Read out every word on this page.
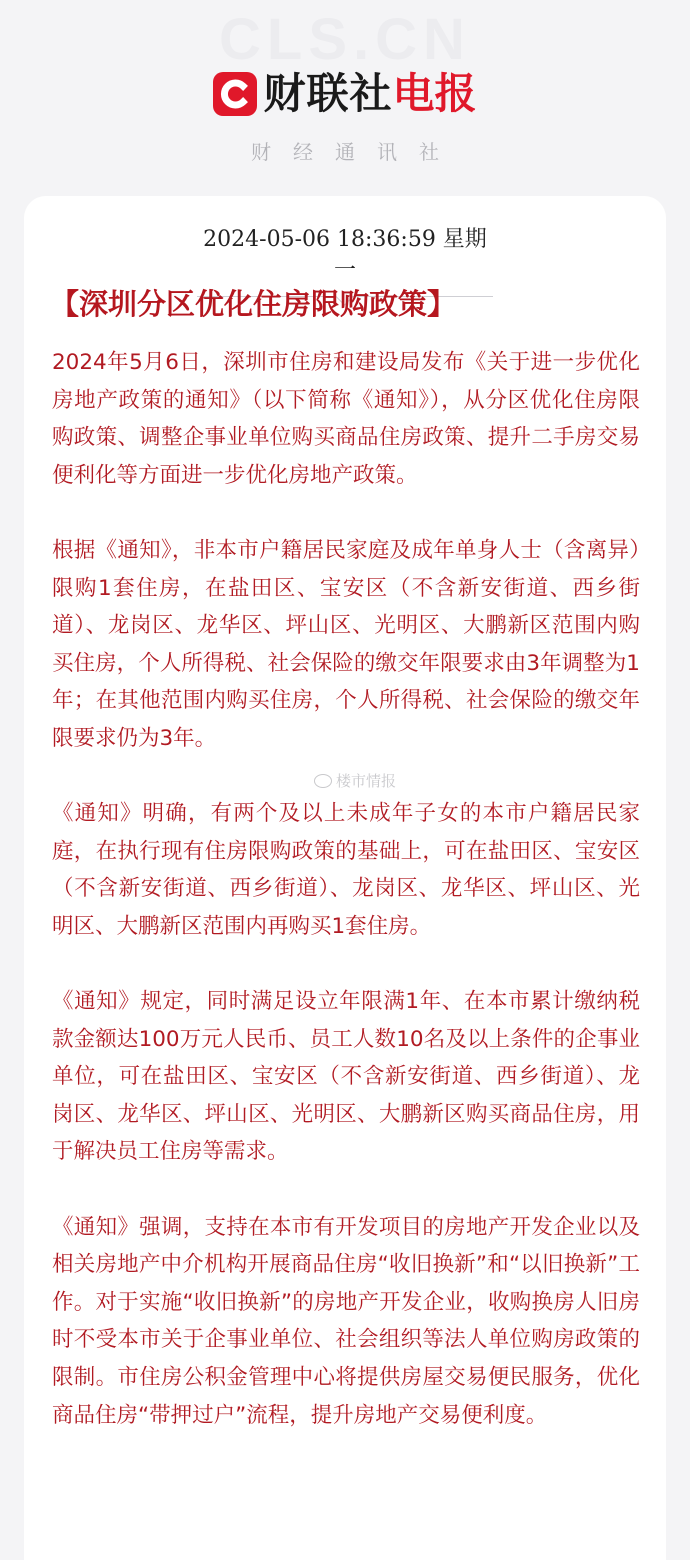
CLS.CN
财联社 电报
财经通讯社
2024-05-06 18:36:59 星期一
【深圳分区优化住房限购政策】

2024年5月6日，深圳市住房和建设局发布《关于进一步优化房地产政策的通知》（以下简称《通知》），从分区优化住房限购政策、调整企事业单位购买商品住房政策、提升二手房交易便利化等方面进一步优化房地产政策。

根据《通知》，非本市户籍居民家庭及成年单身人士（含离异）限购1套住房，在盐田区、宝安区（不含新安街道、西乡街道）、龙岗区、龙华区、坪山区、光明区、大鹏新区范围内购买住房，个人所得税、社会保险的缴交年限要求由3年调整为1年；在其他范围内购买住房，个人所得税、社会保险的缴交年限要求仍为3年。

《通知》明确，有两个及以上未成年子女的本市户籍居民家庭，在执行现有住房限购政策的基础上，可在盐田区、宝安区（不含新安街道、西乡街道）、龙岗区、龙华区、坪山区、光明区、大鹏新区范围内再购买1套住房。

《通知》规定，同时满足设立年限满1年、在本市累计缴纳税款金额达100万元人民币、员工人数10名及以上条件的企事业单位，可在盐田区、宝安区（不含新安街道、西乡街道）、龙岗区、龙华区、坪山区、光明区、大鹏新区购买商品住房，用于解决员工住房等需求。

《通知》强调，支持在本市有开发项目的房地产开发企业以及相关房地产中介机构开展商品住房“收旧换新”和“以旧换新”工作。对于实施“收旧换新”的房地产开发企业，收购换房人旧房时不受本市关于企事业单位、社会组织等法人单位购房政策的限制。市住房公积金管理中心将提供房屋交易便民服务，优化商品住房“带押过户”流程，提升房地产交易便利度。

楼市情报
